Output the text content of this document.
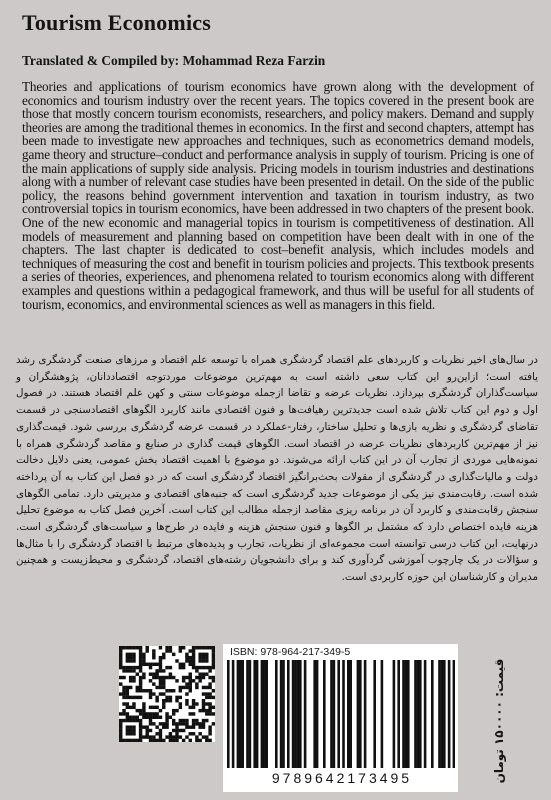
Tourism Economics
Translated & Compiled by: Mohammad Reza Farzin
Theories and applications of tourism economics have grown along with the development of economics and tourism industry over the recent years. The topics covered in the present book are those that mostly concern tourism economists, researchers, and policy makers. Demand and supply theories are among the traditional themes in economics. In the first and second chapters, attempt has been made to investigate new approaches and techniques, such as econometrics demand models, game theory and structure–conduct and performance analysis in supply of tourism. Pricing is one of the main applications of supply side analysis. Pricing models in tourism industries and destinations along with a number of relevant case studies have been presented in detail. On the side of the public policy, the reasons behind government intervention and taxation in tourism industry, as two controversial topics in tourism economics, have been addressed in two chapters of the present book. One of the new economic and managerial topics in tourism is competitiveness of destination. All models of measurement and planning based on competition have been dealt with in one of the chapters. The last chapter is dedicated to cost–benefit analysis, which includes models and techniques of measuring the cost and benefit in tourism policies and projects. This textbook presents a series of theories, experiences, and phenomena related to tourism economics along with different examples and questions within a pedagogical framework, and thus will be useful for all students of tourism, economics, and environmental sciences as well as managers in this field.
در سال‌های اخیر نظریات و کاربردهای علم اقتصاد گردشگری همراه با توسعه علم اقتصاد و مرزهای صنعت گردشگری رشد یافته است؛ ازاین‌رو این کتاب سعی داشته است به مهم‌ترین موضوعات موردتوجه اقتصاددانان، پژوهشگران و سیاست‌گذاران گردشگری بپردازد. نظریات عرضه و تقاضا ازجمله موضوعات سنتی و کهن علم اقتصاد هستند. در فصول اول و دوم این کتاب تلاش شده است جدیدترین رهیافت‌ها و فنون اقتصادی مانند کاربرد الگوهای اقتصادسنجی در قسمت تقاضای گردشگری و نظریه بازی‌ها و تحلیل ساختار، رفتار-عملکرد در قسمت عرضه گردشگری بررسی شود. قیمت‌گذاری نیز از مهم‌ترین کاربردهای نظریات عرضه در اقتصاد است. الگوهای قیمت گذاری در صنایع و مقاصد گردشگری همراه با نمونه‌هایی موردی از تجارب آن در این کتاب ارائه می‌شوند. دو موضوع با اهمیت اقتصاد بخش عمومی، یعنی دلایل دخالت دولت و مالیات‌گذاری در گردشگری از مقولات بحث‌برانگیز اقتصاد گردشگری است که در دو فصل این کتاب به آن پرداخته شده است. رقابت‌مندی نیز یکی از موضوعات جدید گردشگری است که جنبه‌های اقتصادی و مدیریتی دارد. تمامی الگوهای سنجش رقابت‌مندی و کاربرد آن در برنامه ریزی مقاصد ازجمله مطالب این کتاب است. آخرین فصل کتاب به موضوع تحلیل هزینه فایده اختصاص دارد که مشتمل بر الگوها و فنون سنجش هزینه و فایده در طرح‌ها و سیاست‌های گردشگری است. درنهایت، این کتاب درسی توانسته است مجموعه‌ای از نظریات، تجارب و پدیده‌های مرتبط با اقتصاد گردشگری را با مثال‌ها و سؤالات در یک چارچوب آموزشی گردآوری کند و برای دانشجویان رشته‌های اقتصاد، گردشگری و محیط‌زیست و همچنین مدیران و کارشناسان این حوزه کاربردی است.
ISBN: 978-964-217-349-5
9789642173495	قیمت: ۱۵۰۰۰۰ تومان
